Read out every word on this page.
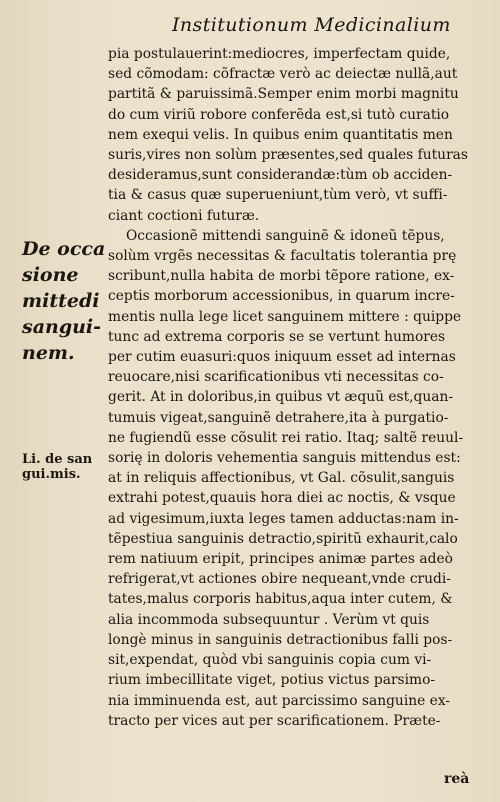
Institutionum Medicinalium
De occa
sione
mittedi
sangui-
nem.
Li. de san
gui.mis.
pia postulauerint:mediocres, imperfectam quide,
sed cõmodam: cõfractæ verò ac deiectæ nullã,aut
partitã & paruissimã.Semper enim morbi magnitu
do cum viriũ robore conferẽda est,si tutò curatio
nem exequi velis. In quibus enim quantitatis men
suris,vires non solùm præsentes,sed quales futuras
desideramus,sunt considerandæ:tùm ob acciden-
tia & casus quæ superueniunt,tùm verò, vt suffi-
ciant coctioni futuræ.
Occasionẽ mittendi sanguinẽ & idoneũ tẽpus,
solùm vrgẽs necessitas & facultatis tolerantia prę
scribunt,nulla habita de morbi tẽpore ratione, ex-
ceptis morborum accessionibus, in quarum incre-
mentis nulla lege licet sanguinem mittere : quippe
tunc ad extrema corporis se se vertunt humores
per cutim euasuri:quos iniquum esset ad internas
reuocare,nisi scarificationibus vti necessitas co-
gerit. At in doloribus,in quibus vt æquũ est,quan-
tumuis vigeat,sanguinẽ detrahere,ita à purgatio-
ne fugiendũ esse cõsulit rei ratio. Itaq; saltẽ reuul-
sorię in doloris vehementia sanguis mittendus est:
at in reliquis affectionibus, vt Gal. cõsulit,sanguis
extrahi potest,quauis hora diei ac noctis, & vsque
ad vigesimum,iuxta leges tamen adductas:nam in-
tẽpestiua sanguinis detractio,spiritũ exhaurit,calo
rem natiuum eripit, principes animæ partes adeò
refrigerat,vt actiones obire nequeant,vnde crudi-
tates,malus corporis habitus,aqua inter cutem, &
alia incommoda subsequuntur . Verùm vt quis
longè minus in sanguinis detractionibus falli pos-
sit,expendat, quòd vbi sanguinis copia cum vi-
rium imbecillitate viget, potius victus parsimo-
nia imminuenda est, aut parcissimo sanguine ex-
tracto per vices aut per scarificationem. Præte-
reà
